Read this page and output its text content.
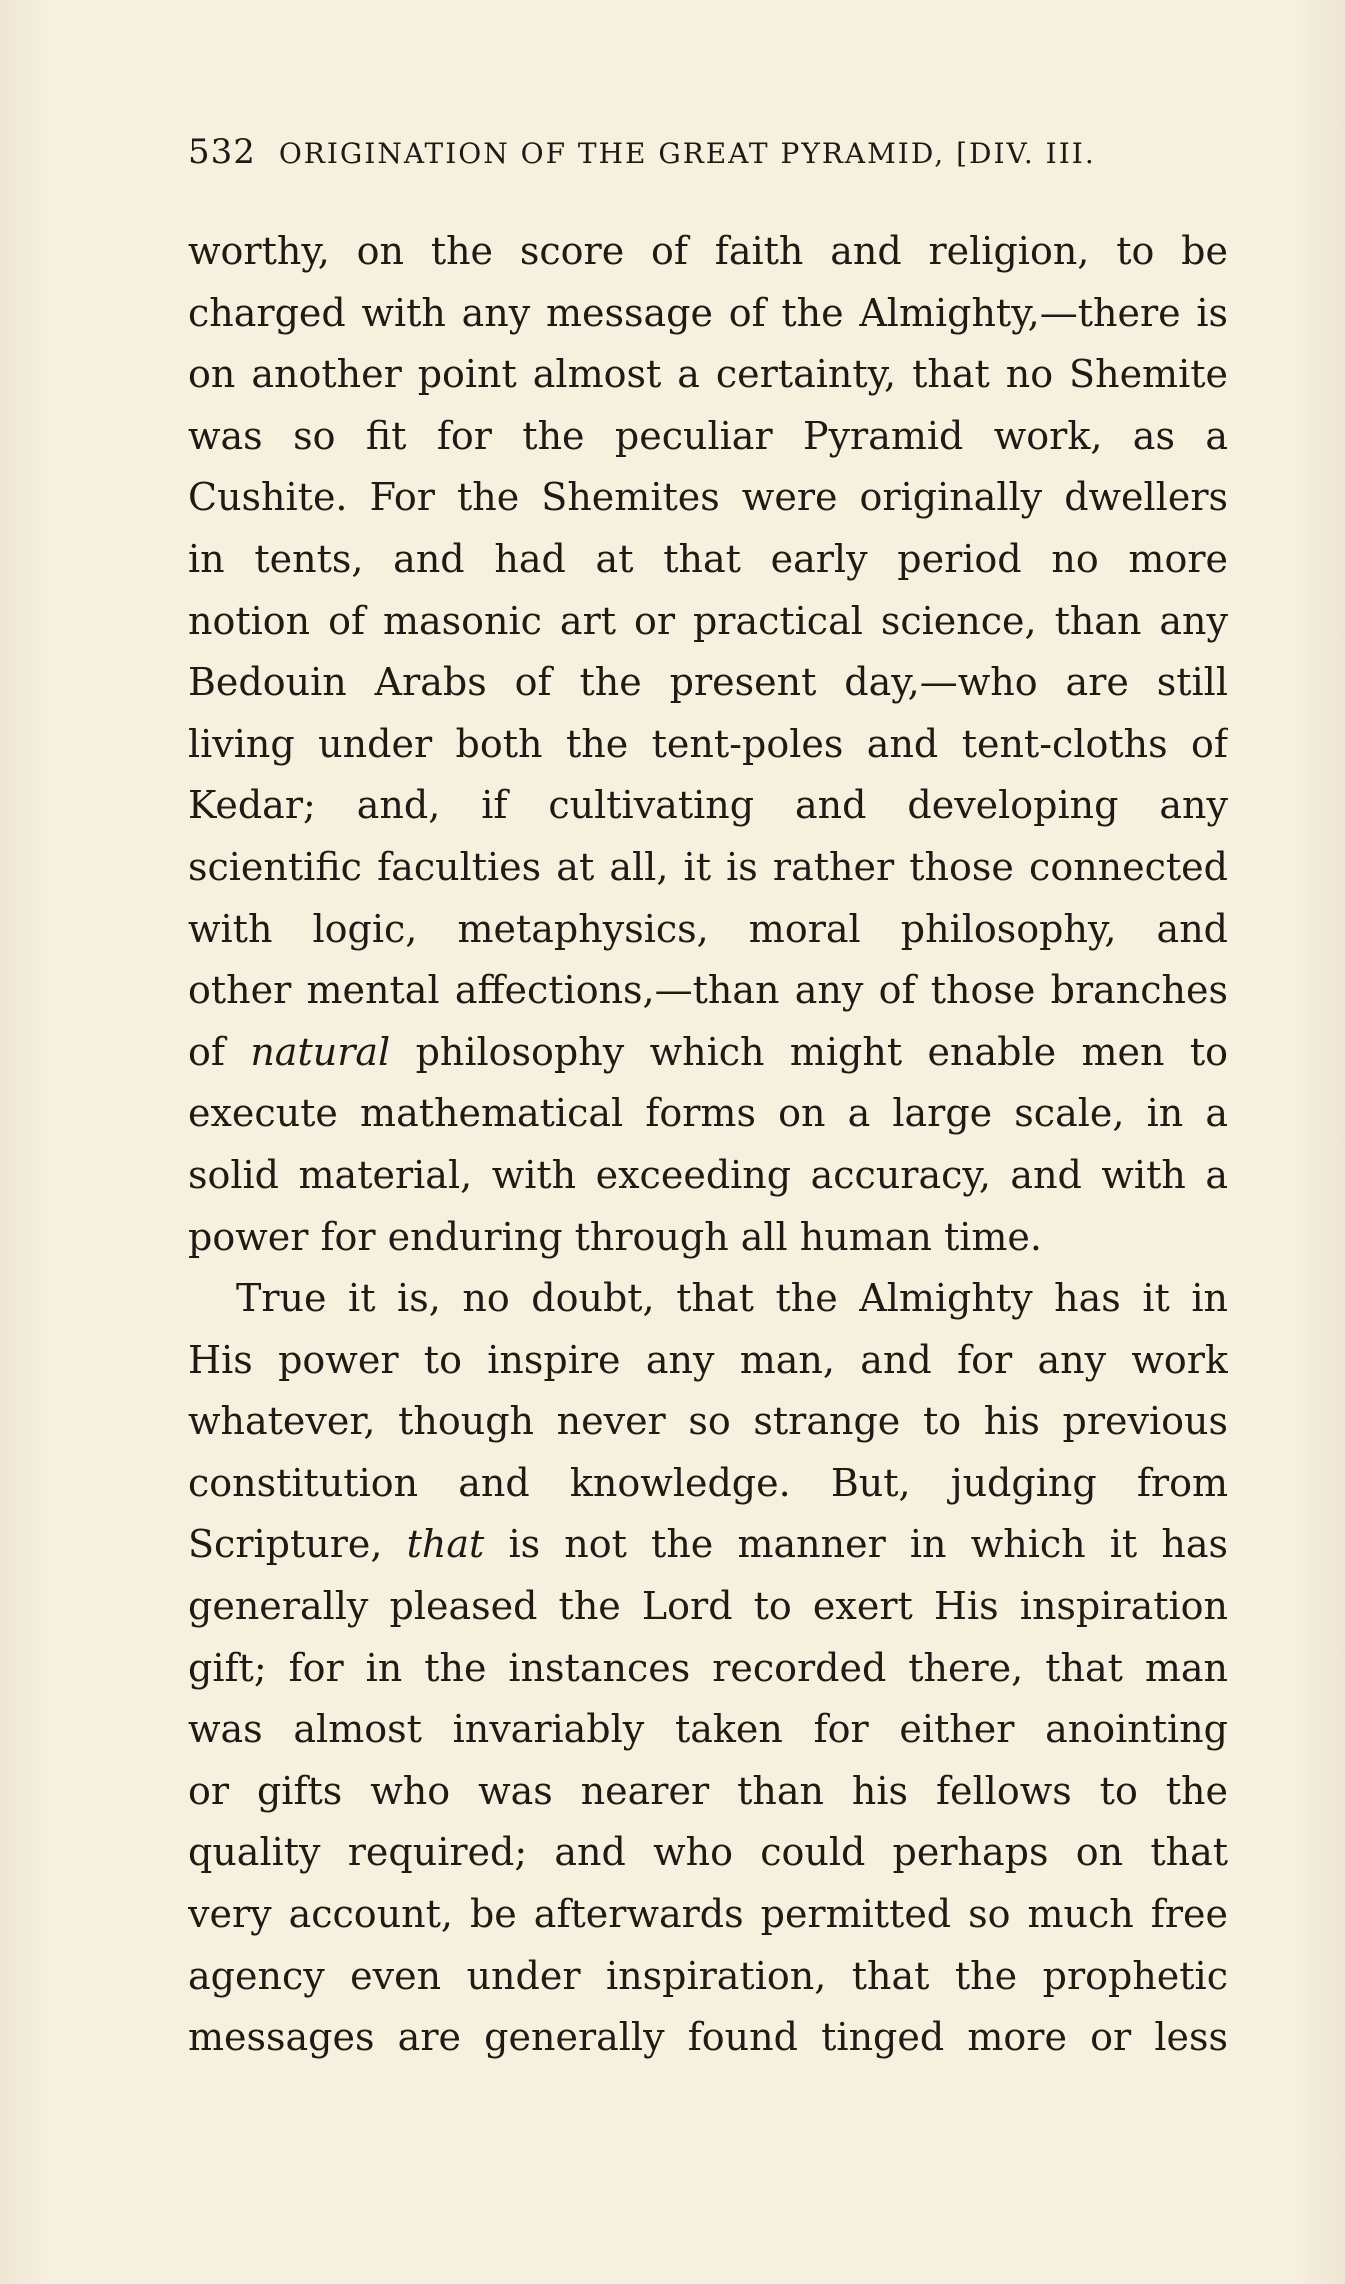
532 ORIGINATION OF THE GREAT PYRAMID, [DIV. III.
worthy, on the score of faith and religion, to be
charged with any message of the Almighty,—there is
on another point almost a certainty, that no Shemite
was so fit for the peculiar Pyramid work, as a
Cushite. For the Shemites were originally dwellers
in tents, and had at that early period no more
notion of masonic art or practical science, than any
Bedouin Arabs of the present day,—who are still
living under both the tent-poles and tent-cloths of
Kedar; and, if cultivating and developing any
scientific faculties at all, it is rather those connected
with logic, metaphysics, moral philosophy, and
other mental affections,—than any of those branches
of natural philosophy which might enable men to
execute mathematical forms on a large scale, in a
solid material, with exceeding accuracy, and with a
power for enduring through all human time.
True it is, no doubt, that the Almighty has it in
His power to inspire any man, and for any work
whatever, though never so strange to his previous
constitution and knowledge. But, judging from
Scripture, that is not the manner in which it has
generally pleased the Lord to exert His inspiration
gift; for in the instances recorded there, that man
was almost invariably taken for either anointing
or gifts who was nearer than his fellows to the
quality required; and who could perhaps on that
very account, be afterwards permitted so much free
agency even under inspiration, that the prophetic
messages are generally found tinged more or less
